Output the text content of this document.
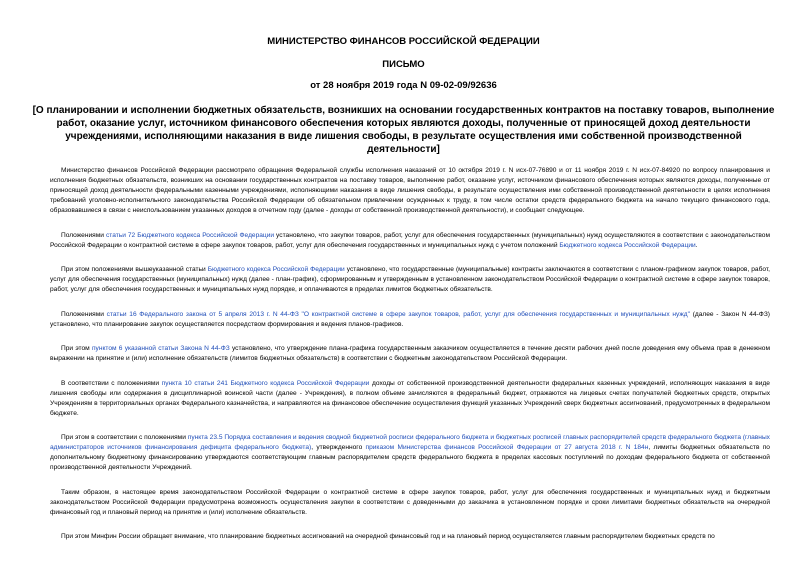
МИНИСТЕРСТВО ФИНАНСОВ РОССИЙСКОЙ ФЕДЕРАЦИИ
ПИСЬМО
от 28 ноября 2019 года N 09-02-09/92636
[О планировании и исполнении бюджетных обязательств, возникших на основании государственных контрактов на поставку товаров, выполнение работ, оказание услуг, источником финансового обеспечения которых являются доходы, полученные от приносящей доход деятельности учреждениями, исполняющими наказания в виде лишения свободы, в результате осуществления ими собственной производственной деятельности]

Министерство финансов Российской Федерации рассмотрело обращения Федеральной службы исполнения наказаний от 10 октября 2019 г. N исх-07-76890 и от 11 ноября 2019 г. N исх-07-84920 по вопросу планирования и исполнения бюджетных обязательств, возникших на основании государственных контрактов на поставку товаров, выполнение работ, оказание услуг, источником финансового обеспечения которых являются доходы, полученные от приносящей доход деятельности федеральными казенными учреждениями, исполняющими наказания в виде лишения свободы, в результате осуществления ими собственной производственной деятельности в целях исполнения требований уголовно-исполнительного законодательства Российской Федерации об обязательном привлечении осужденных к труду, в том числе остатки средств федерального бюджета на начало текущего финансового года, образовавшиеся в связи с неиспользованием указанных доходов в отчетном году (далее - доходы от собственной производственной деятельности), и сообщает следующее.

Положениями статьи 72 Бюджетного кодекса Российской Федерации установлено, что закупки товаров, работ, услуг для обеспечения государственных (муниципальных) нужд осуществляются в соответствии с законодательством Российской Федерации о контрактной системе в сфере закупок товаров, работ, услуг для обеспечения государственных и муниципальных нужд с учетом положений Бюджетного кодекса Российской Федерации.

При этом положениями вышеуказанной статьи Бюджетного кодекса Российской Федерации установлено, что государственные (муниципальные) контракты заключаются в соответствии с планом-графиком закупок товаров, работ, услуг для обеспечения государственных (муниципальных) нужд (далее - план-график), сформированным и утвержденным в установленном законодательством Российской Федерации о контрактной системе в сфере закупок товаров, работ, услуг для обеспечения государственных и муниципальных нужд порядке, и оплачиваются в пределах лимитов бюджетных обязательств.

Положениями статьи 16 Федерального закона от 5 апреля 2013 г. N 44-ФЗ "О контрактной системе в сфере закупок товаров, работ, услуг для обеспечения государственных и муниципальных нужд" (далее - Закон N 44-ФЗ) установлено, что планирование закупок осуществляется посредством формирования и ведения планов-графиков.

При этом пунктом 6 указанной статьи Закона N 44-ФЗ установлено, что утверждение плана-графика государственным заказчиком осуществляется в течение десяти рабочих дней после доведения ему объема прав в денежном выражении на принятие и (или) исполнение обязательств (лимитов бюджетных обязательств) в соответствии с бюджетным законодательством Российской Федерации.

В соответствии с положениями пункта 10 статьи 241 Бюджетного кодекса Российской Федерации доходы от собственной производственной деятельности федеральных казенных учреждений, исполняющих наказания в виде лишения свободы или содержания в дисциплинарной воинской части (далее - Учреждения), в полном объеме зачисляются в федеральный бюджет, отражаются на лицевых счетах получателей бюджетных средств, открытых Учреждениям в территориальных органах Федерального казначейства, и направляются на финансовое обеспечение осуществления функций указанных Учреждений сверх бюджетных ассигнований, предусмотренных в федеральном бюджете.

При этом в соответствии с положениями пункта 23.5 Порядка составления и ведения сводной бюджетной росписи федерального бюджета и бюджетных росписей главных распорядителей средств федерального бюджета (главных администраторов источников финансирования дефицита федерального бюджета), утвержденного приказом Министерства финансов Российской Федерации от 27 августа 2018 г. N 184н, лимиты бюджетных обязательств по дополнительному бюджетному финансированию утверждаются соответствующим главным распорядителем средств федерального бюджета в пределах кассовых поступлений по доходам федерального бюджета от собственной производственной деятельности Учреждений.

Таким образом, в настоящее время законодательством Российской Федерации о контрактной системе в сфере закупок товаров, работ, услуг для обеспечения государственных и муниципальных нужд и бюджетным законодательством Российской Федерации предусмотрена возможность осуществления закупки в соответствии с доведенными до заказчика в установленном порядке и сроки лимитами бюджетных обязательств на очередной финансовый год и плановый период на принятие и (или) исполнение обязательств.

При этом Минфин России обращает внимание, что планирование бюджетных ассигнований на очередной финансовый год и на плановый период осуществляется главным распорядителем бюджетных средств по
